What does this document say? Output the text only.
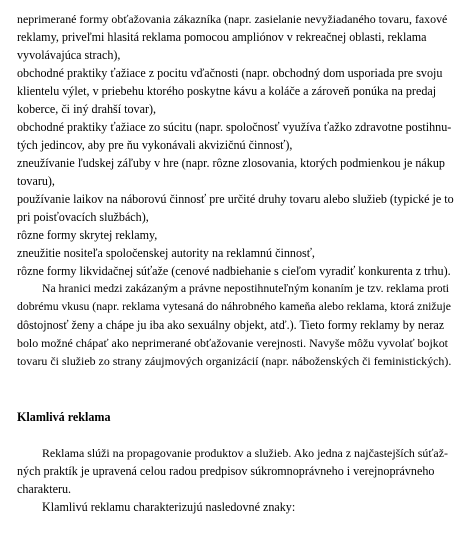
neprimerané formy obťažovania zákazníka (napr. zasielanie nevyžiadaného tovaru, faxové

reklamy, priveľmi hlasitá reklama pomocou ampliónov v rekreačnej oblasti, reklama

vyvolávajúca strach),

obchodné praktiky ťažiace z pocitu vďačnosti (napr. obchodný dom usporiada pre svoju

klientelu výlet, v priebehu ktorého poskytne kávu a koláče a zároveň ponúka na predaj

koberce, či iný drahší tovar),

obchodné praktiky ťažiace zo súcitu (napr. spoločnosť využíva ťažko zdravotne postihnu-

tých jedincov, aby pre ňu vykonávali akvizičnú činnosť),

zneužívanie ľudskej záľuby v hre (napr. rôzne zlosovania, ktorých podmienkou je nákup

tovaru),

používanie laikov na náborovú činnosť pre určité druhy tovaru alebo služieb (typické je to

pri poisťovacích službách),

rôzne formy skrytej reklamy,

zneužitie nositeľa spoločenskej autority na reklamnú činnosť,

rôzne formy likvidačnej súťaže (cenové nadbiehanie s cieľom vyradiť konkurenta z trhu).

Na hranici medzi zakázaným a právne nepostihnuteľným konaním je tzv. reklama proti

dobrému vkusu (napr. reklama vytesaná do náhrobného kameňa alebo reklama, ktorá znižuje

dôstojnosť ženy a chápe ju iba ako sexuálny objekt, atď.). Tieto formy reklamy by neraz

bolo možné chápať ako neprimerané obťažovanie verejnosti. Navyše môžu vyvolať bojkot

tovaru či služieb zo strany záujmových organizácií (napr. náboženských či feministických).

Klamlivá reklama

Reklama slúži na propagovanie produktov a služieb. Ako jedna z najčastejších súťaž-

ných praktík je upravená celou radou predpisov súkromnoprávneho i verejnoprávneho

charakteru.

Klamlivú reklamu charakterizujú nasledovné znaky:
